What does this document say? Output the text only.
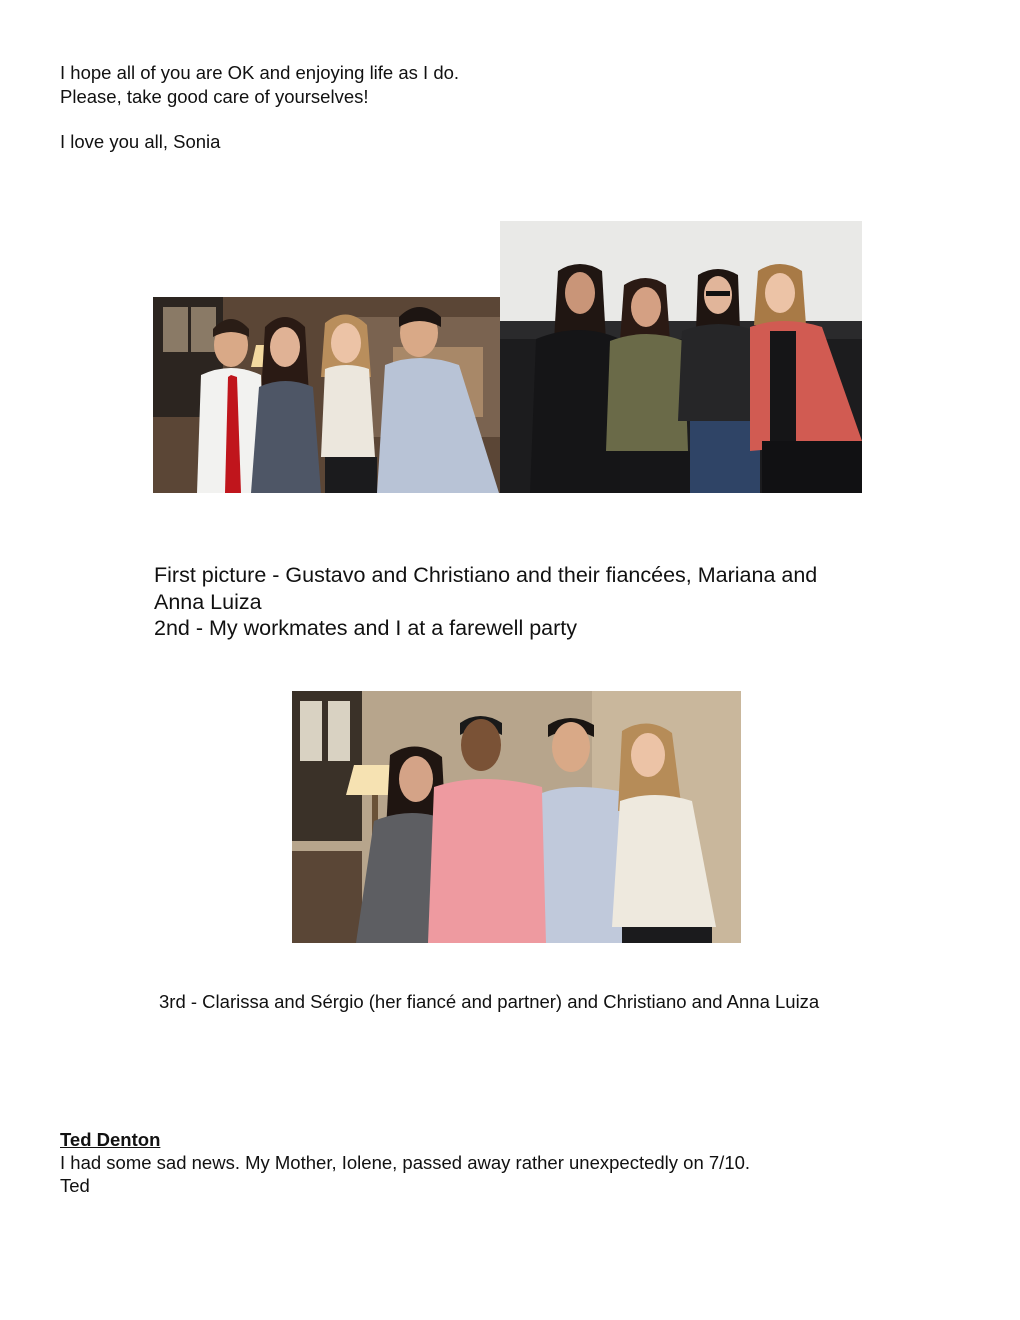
I hope all of you are OK and enjoying life as I do.
Please, take good care of yourselves!
I love you all, Sonia
First picture - Gustavo and Christiano and their fiancées, Mariana and
Anna Luiza
2nd - My workmates and I at a farewell party
3rd - Clarissa and Sérgio (her fiancé and partner) and Christiano and Anna Luiza
Ted Denton
I had some sad news. My Mother, Iolene, passed away rather unexpectedly on 7/10.
Ted
